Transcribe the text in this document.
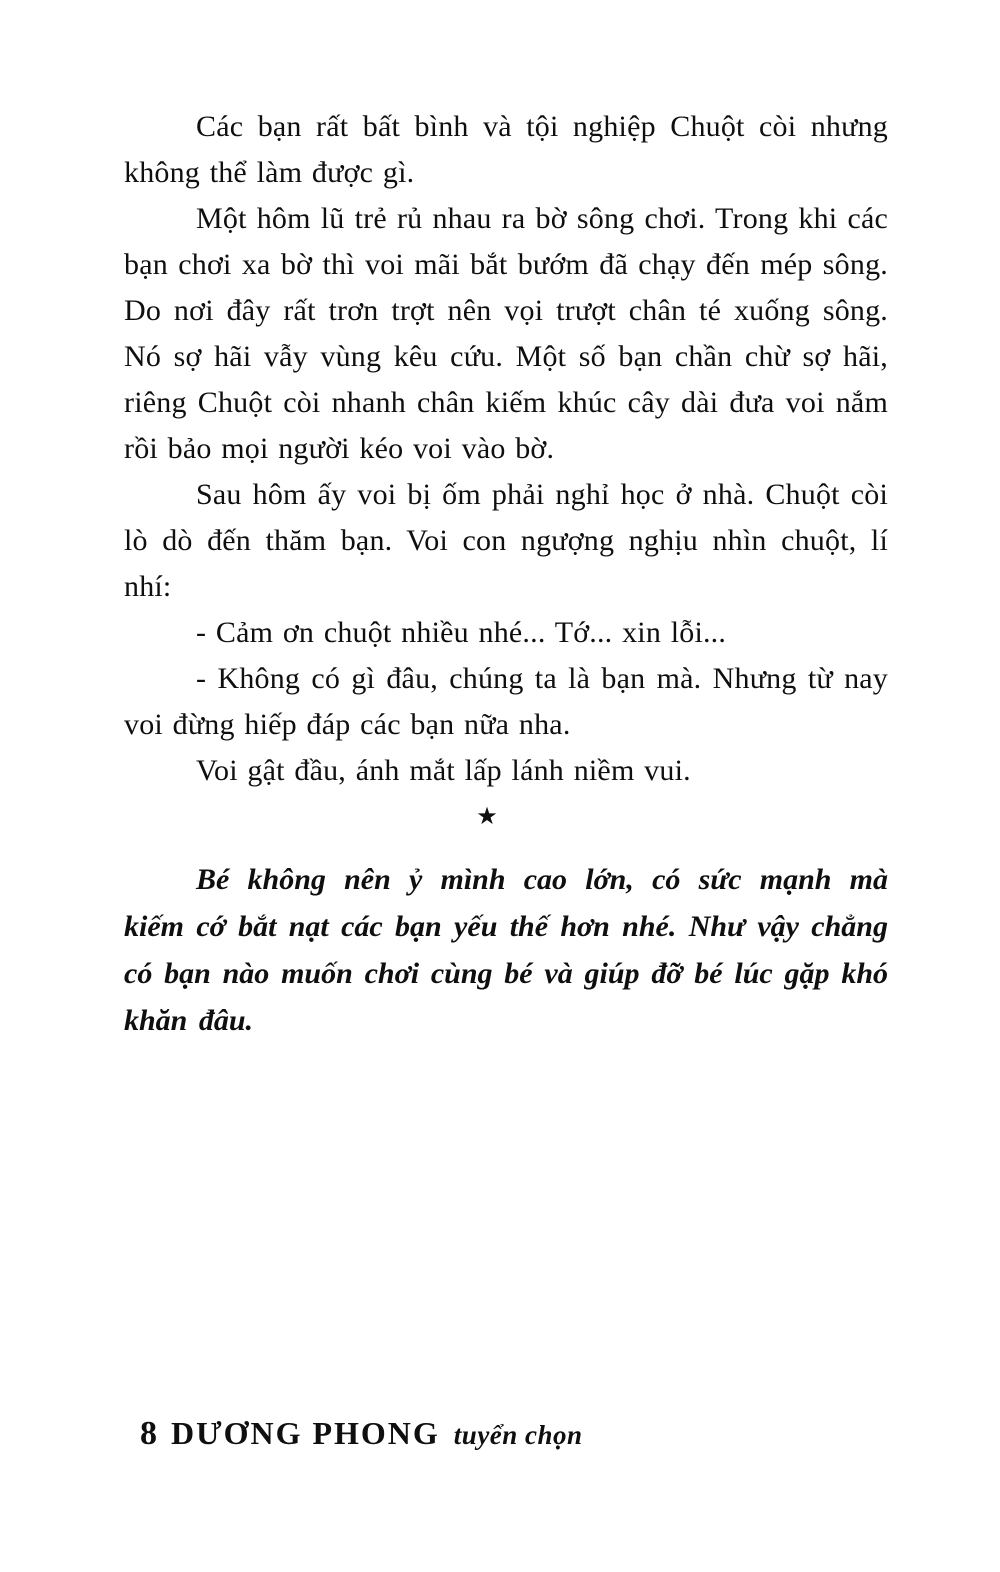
Các bạn rất bất bình và tội nghiệp Chuột còi nhưng không thể làm được gì.

Một hôm lũ trẻ rủ nhau ra bờ sông chơi. Trong khi các bạn chơi xa bờ thì voi mãi bắt bướm đã chạy đến mép sông. Do nơi đây rất trơn trợt nên vọi trượt chân té xuống sông. Nó sợ hãi vẫy vùng kêu cứu. Một số bạn chần chừ sợ hãi, riêng Chuột còi nhanh chân kiếm khúc cây dài đưa voi nắm rồi bảo mọi người kéo voi vào bờ.

Sau hôm ấy voi bị ốm phải nghỉ học ở nhà. Chuột còi lò dò đến thăm bạn. Voi con ngượng nghịu nhìn chuột, lí nhí:

- Cảm ơn chuột nhiều nhé... Tớ... xin lỗi...

- Không có gì đâu, chúng ta là bạn mà. Nhưng từ nay voi đừng hiếp đáp các bạn nữa nha.

Voi gật đầu, ánh mắt lấp lánh niềm vui.

★

Bé không nên ỷ mình cao lớn, có sức mạnh mà kiếm cớ bắt nạt các bạn yếu thế hơn nhé. Như vậy chẳng có bạn nào muốn chơi cùng bé và giúp đỡ bé lúc gặp khó khăn đâu.

8 DƯƠNG PHONG tuyển chọn
